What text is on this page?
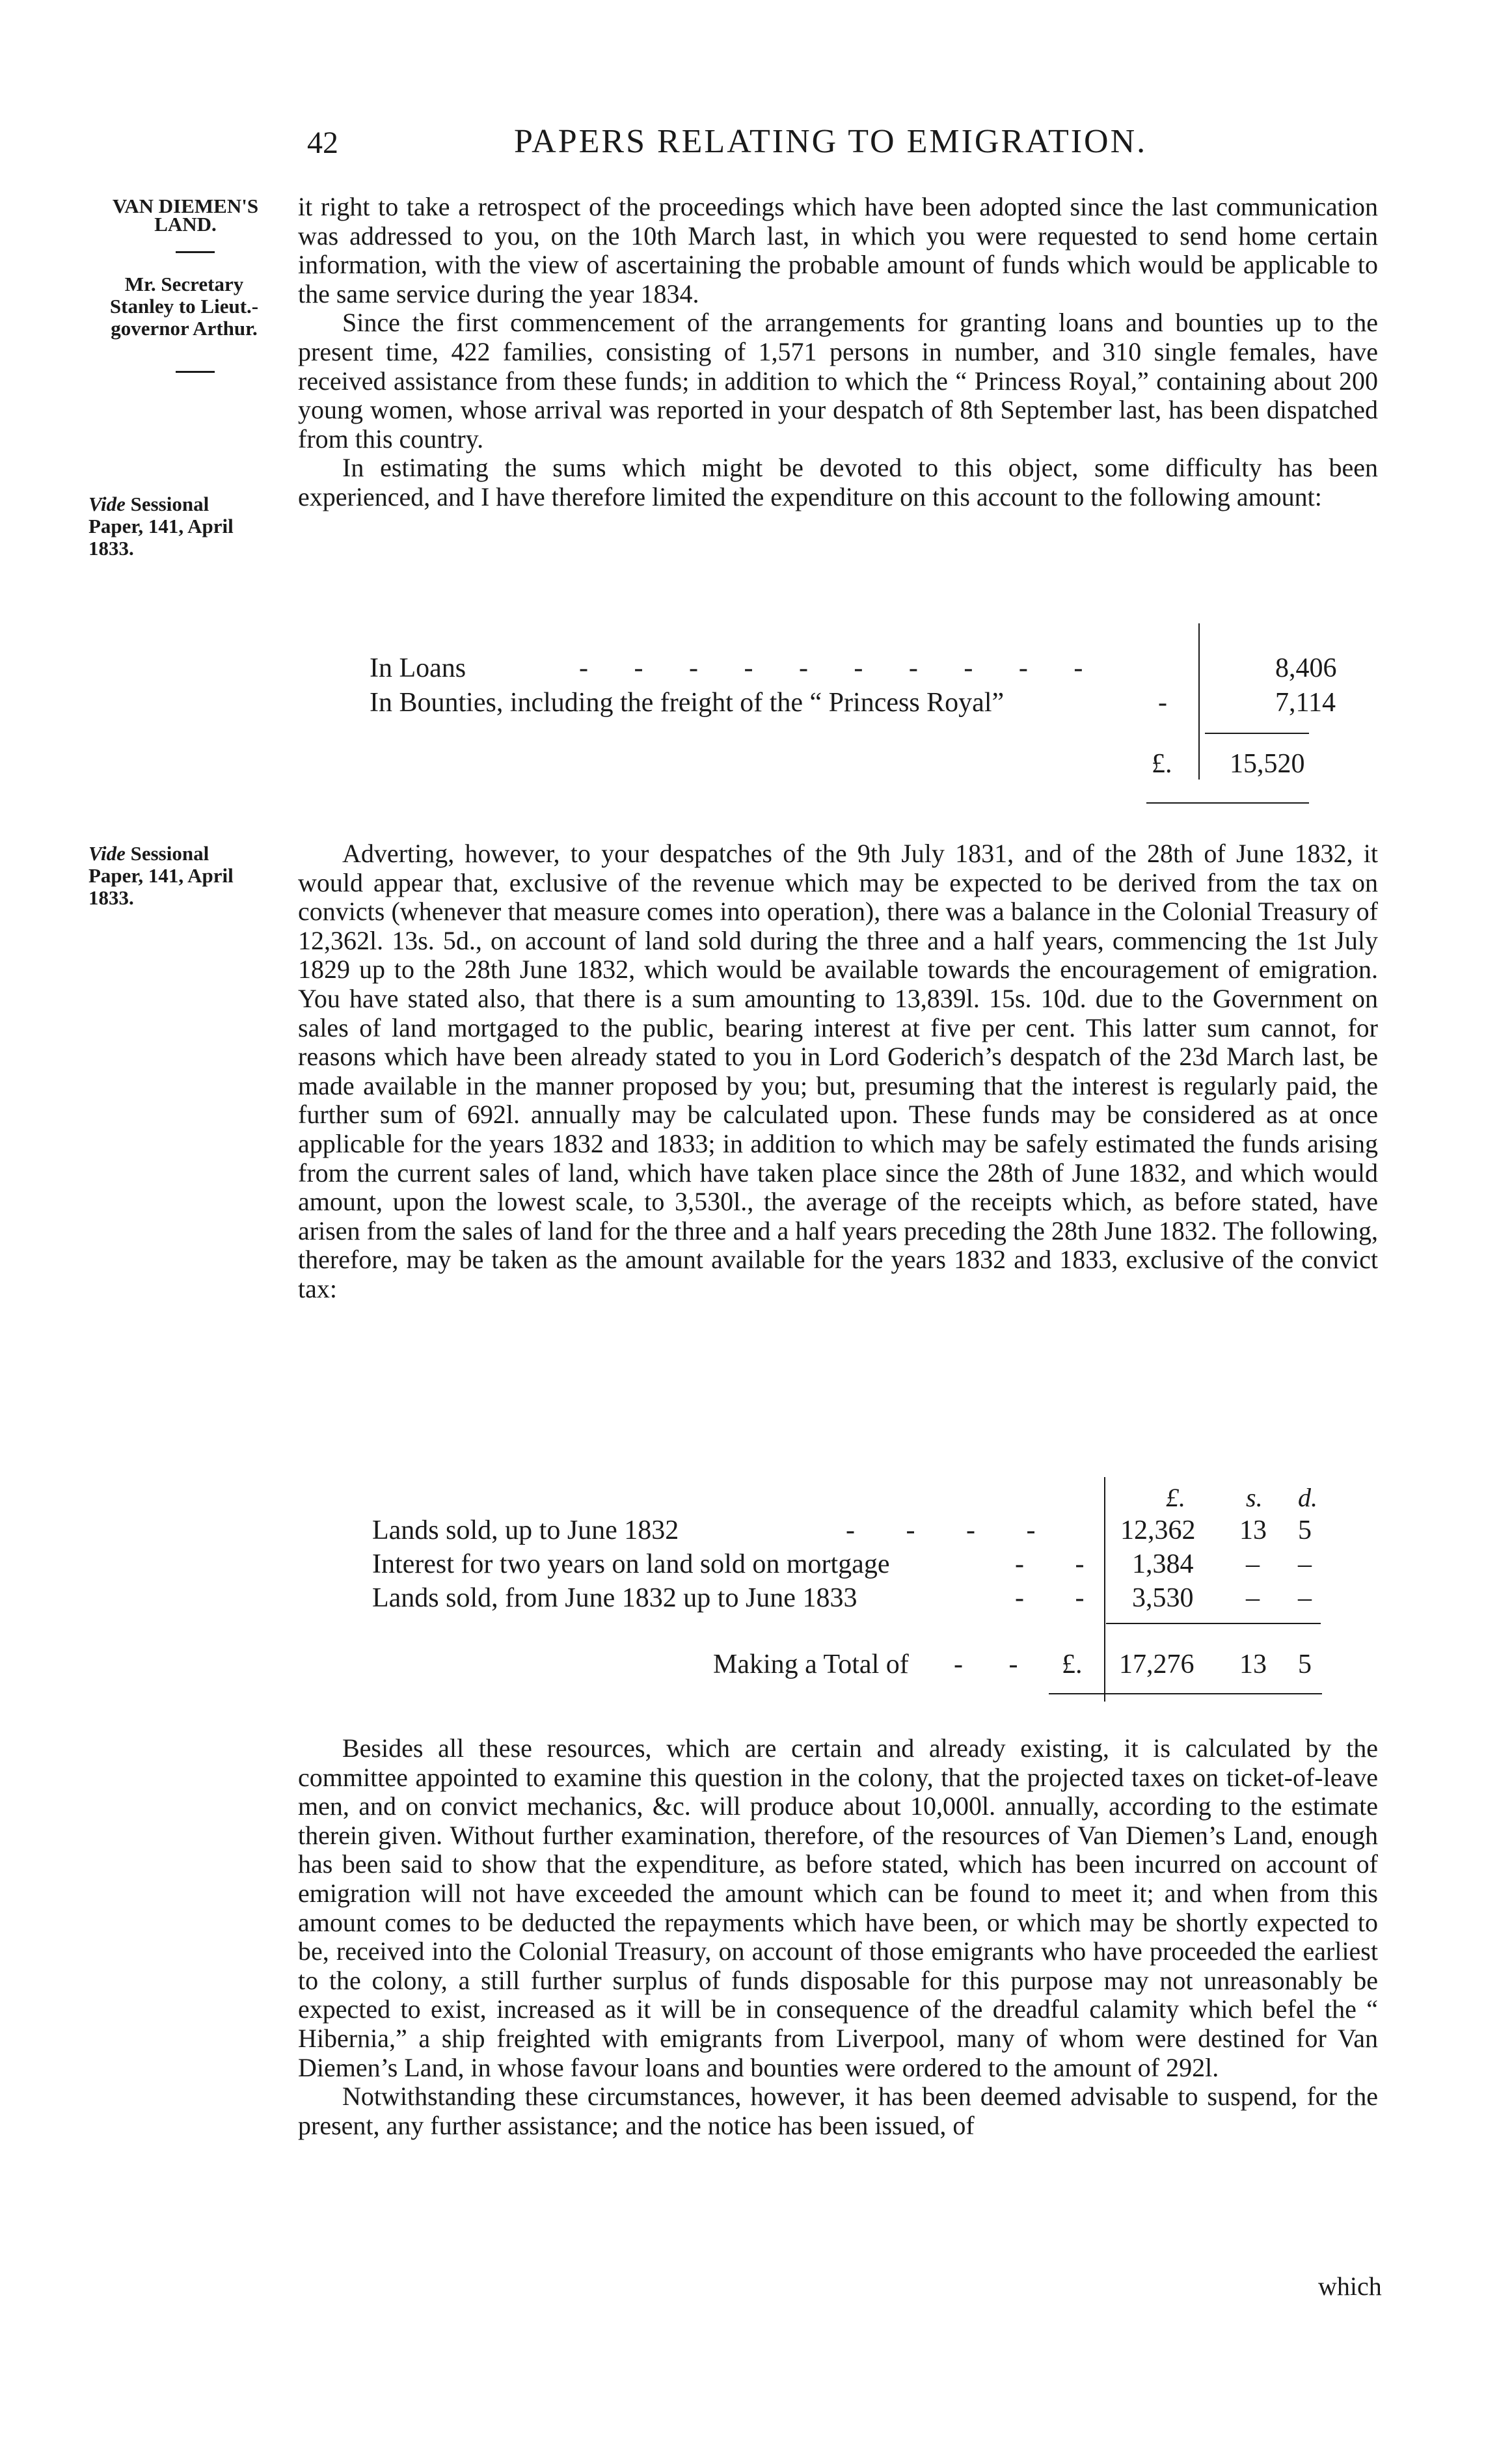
42	PAPERS RELATING TO EMIGRATION.
VAN DIEMEN'S
LAND.
Mr. Secretary
Stanley to Lieut.-
governor Arthur.
Vide Sessional
Paper, 141, April
1833.
Vide Sessional
Paper, 141, April
1833.

it right to take a retrospect of the proceedings which have been adopted since the last communication was addressed to you, on the 10th March last, in which you were requested to send home certain information, with the view of ascertaining the probable amount of funds which would be applicable to the same service during the year 1834.

Since the first commencement of the arrangements for granting loans and bounties up to the present time, 422 families, consisting of 1,571 persons in number, and 310 single females, have received assistance from these funds; in addition to which the “ Princess Royal,” containing about 200 young women, whose arrival was reported in your despatch of 8th September last, has been dispatched from this country.

In estimating the sums which might be devoted to this object, some difficulty has been experienced, and I have therefore limited the expenditure on this account to the following amount:

In Loans	- - - - - - - - - -	8,406
In Bounties, including the freight of the “ Princess Royal”	-	7,114
£. 15,520

Adverting, however, to your despatches of the 9th July 1831, and of the 28th of June 1832, it would appear that, exclusive of the revenue which may be expected to be derived from the tax on convicts (whenever that measure comes into operation), there was a balance in the Colonial Treasury of 12,362l. 13s. 5d., on account of land sold during the three and a half years, commencing the 1st July 1829 up to the 28th June 1832, which would be available towards the encouragement of emigration. You have stated also, that there is a sum amounting to 13,839l. 15s. 10d. due to the Government on sales of land mortgaged to the public, bearing interest at five per cent. This latter sum cannot, for reasons which have been already stated to you in Lord Goderich’s despatch of the 23d March last, be made available in the manner proposed by you; but, presuming that the interest is regularly paid, the further sum of 692l. annually may be calculated upon. These funds may be considered as at once applicable for the years 1832 and 1833; in addition to which may be safely estimated the funds arising from the current sales of land, which have taken place since the 28th of June 1832, and which would amount, upon the lowest scale, to 3,530l., the average of the receipts which, as before stated, have arisen from the sales of land for the three and a half years preceding the 28th June 1832. The following, therefore, may be taken as the amount available for the years 1832 and 1833, exclusive of the convict tax:

£. s. d.
Lands sold, up to June 1832	- - - - 12,362 13 5
Interest for two years on land sold on mortgage	- - 1,384 – –
Lands sold, from June 1832 up to June 1833	- - 3,530 – –
Making a Total of - - £. 17,276 13 5

Besides all these resources, which are certain and already existing, it is calculated by the committee appointed to examine this question in the colony, that the projected taxes on ticket-of-leave men, and on convict mechanics, &c. will produce about 10,000l. annually, according to the estimate therein given. Without further examination, therefore, of the resources of Van Diemen’s Land, enough has been said to show that the expenditure, as before stated, which has been incurred on account of emigration will not have exceeded the amount which can be found to meet it; and when from this amount comes to be deducted the repayments which have been, or which may be shortly expected to be, received into the Colonial Treasury, on account of those emigrants who have proceeded the earliest to the colony, a still further surplus of funds disposable for this purpose may not unreasonably be expected to exist, increased as it will be in consequence of the dreadful calamity which befel the “ Hibernia,” a ship freighted with emigrants from Liverpool, many of whom were destined for Van Diemen’s Land, in whose favour loans and bounties were ordered to the amount of 292l.

Notwithstanding these circumstances, however, it has been deemed advisable to suspend, for the present, any further assistance; and the notice has been issued, of

which
